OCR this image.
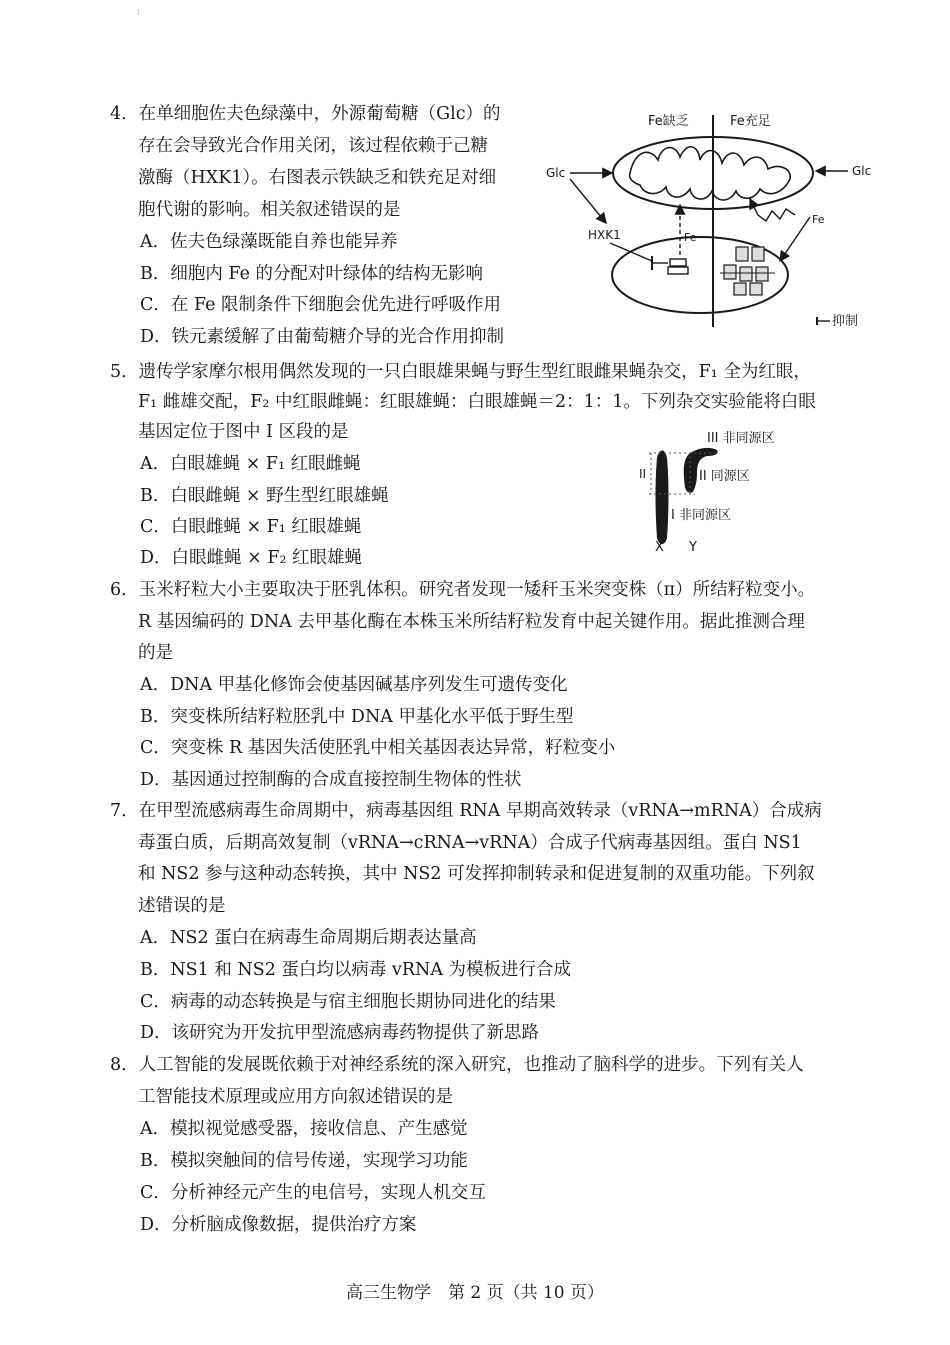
i
4．在单细胞佐夫色绿藻中，外源葡萄糖（Glc）的
存在会导致光合作用关闭，该过程依赖于己糖
激酶（HXK1）。右图表示铁缺乏和铁充足对细
胞代谢的影响。相关叙述错误的是
A．佐夫色绿藻既能自养也能异养
B．细胞内 Fe 的分配对叶绿体的结构无影响
C．在 Fe 限制条件下细胞会优先进行呼吸作用
D．铁元素缓解了由葡萄糖介导的光合作用抑制
Fe缺乏	Fe充足
Glc
HXK1
Glc
Fe
Fe
抑制
5．遗传学家摩尔根用偶然发现的一只白眼雄果蝇与野生型红眼雌果蝇杂交，F₁ 全为红眼，
F₁ 雌雄交配，F₂ 中红眼雌蝇：红眼雄蝇：白眼雄蝇＝2：1：1。下列杂交实验能将白眼
基因定位于图中 I 区段的是
A．白眼雄蝇 × F₁ 红眼雌蝇
B．白眼雌蝇 × 野生型红眼雄蝇
C．白眼雌蝇 × F₁ 红眼雄蝇
D．白眼雌蝇 × F₂ 红眼雄蝇
II
III 非同源区
II 同源区
I 非同源区
X Y
6．玉米籽粒大小主要取决于胚乳体积。研究者发现一矮秆玉米突变株（π）所结籽粒变小。
R 基因编码的 DNA 去甲基化酶在本株玉米所结籽粒发育中起关键作用。据此推测合理
的是
A．DNA 甲基化修饰会使基因碱基序列发生可遗传变化
B．突变株所结籽粒胚乳中 DNA 甲基化水平低于野生型
C．突变株 R 基因失活使胚乳中相关基因表达异常，籽粒变小
D．基因通过控制酶的合成直接控制生物体的性状
7．在甲型流感病毒生命周期中，病毒基因组 RNA 早期高效转录（vRNA→mRNA）合成病
毒蛋白质，后期高效复制（vRNA→cRNA→vRNA）合成子代病毒基因组。蛋白 NS1
和 NS2 参与这种动态转换，其中 NS2 可发挥抑制转录和促进复制的双重功能。下列叙
述错误的是
A．NS2 蛋白在病毒生命周期后期表达量高
B．NS1 和 NS2 蛋白均以病毒 vRNA 为模板进行合成
C．病毒的动态转换是与宿主细胞长期协同进化的结果
D．该研究为开发抗甲型流感病毒药物提供了新思路
8．人工智能的发展既依赖于对神经系统的深入研究，也推动了脑科学的进步。下列有关人
工智能技术原理或应用方向叙述错误的是
A．模拟视觉感受器，接收信息、产生感觉
B．模拟突触间的信号传递，实现学习功能
C．分析神经元产生的电信号，实现人机交互
D．分析脑成像数据，提供治疗方案
高三生物学　第 2 页（共 10 页）
